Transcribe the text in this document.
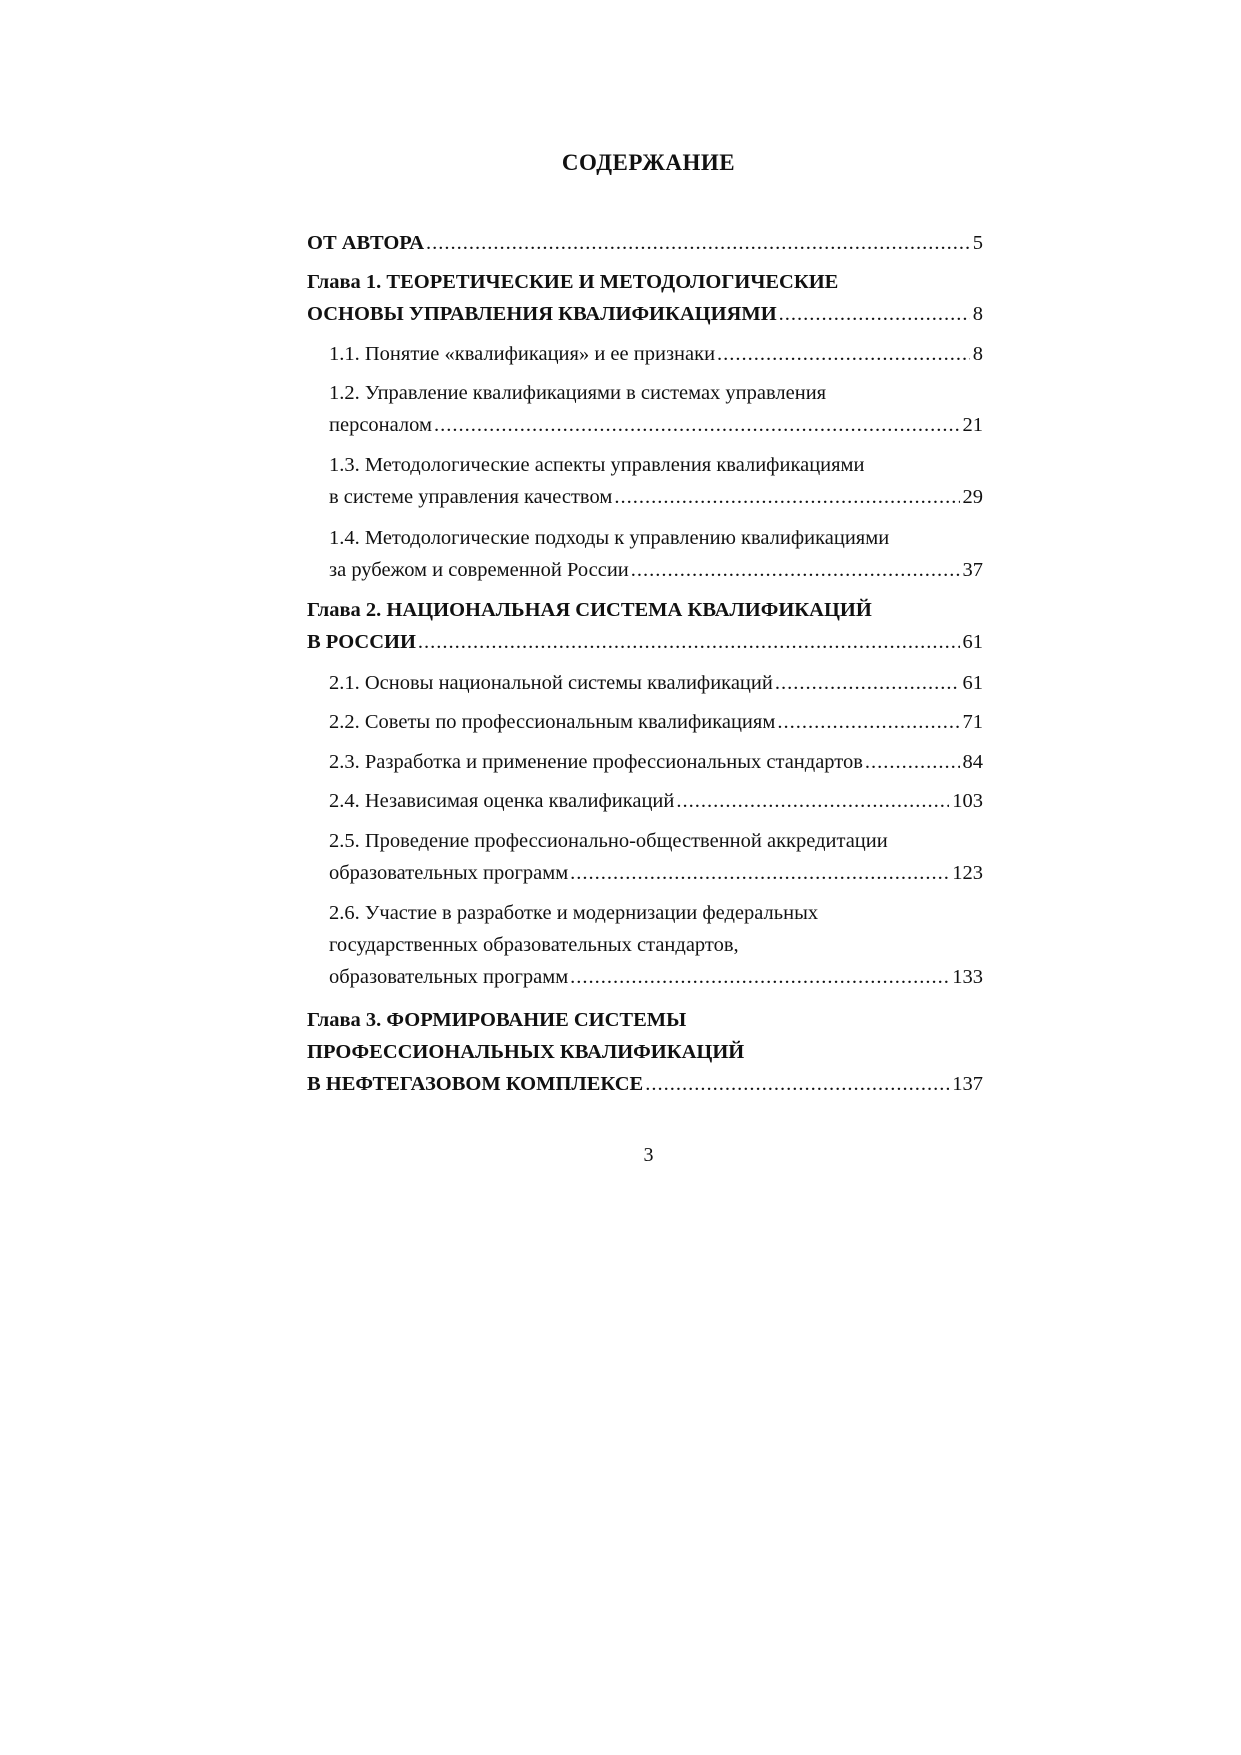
СОДЕРЖАНИЕ
ОТ АВТОРА .....	5
Глава 1. ТЕОРЕТИЧЕСКИЕ И МЕТОДОЛОГИЧЕСКИЕ
ОСНОВЫ УПРАВЛЕНИЯ КВАЛИФИКАЦИЯМИ .....	8
1.1. Понятие «квалификация» и ее признаки .....	8
1.2. Управление квалификациями в системах управления
персоналом .....	21
1.3. Методологические аспекты управления квалификациями
в системе управления качеством .....	29
1.4. Методологические подходы к управлению квалификациями
за рубежом и современной России .....	37
Глава 2. НАЦИОНАЛЬНАЯ СИСТЕМА КВАЛИФИКАЦИЙ
В РОССИИ .....	61
2.1. Основы национальной системы квалификаций .....	61
2.2. Советы по профессиональным квалификациям .....	71
2.3. Разработка и применение профессиональных стандартов .....	84
2.4. Независимая оценка квалификаций .....	103
2.5. Проведение профессионально-общественной аккредитации
образовательных программ .....	123
2.6. Участие в разработке и модернизации федеральных
государственных образовательных стандартов,
образовательных программ .....	133
Глава 3. ФОРМИРОВАНИЕ СИСТЕМЫ
ПРОФЕССИОНАЛЬНЫХ КВАЛИФИКАЦИЙ
В НЕФТЕГАЗОВОМ КОМПЛЕКСЕ .....	137
3
